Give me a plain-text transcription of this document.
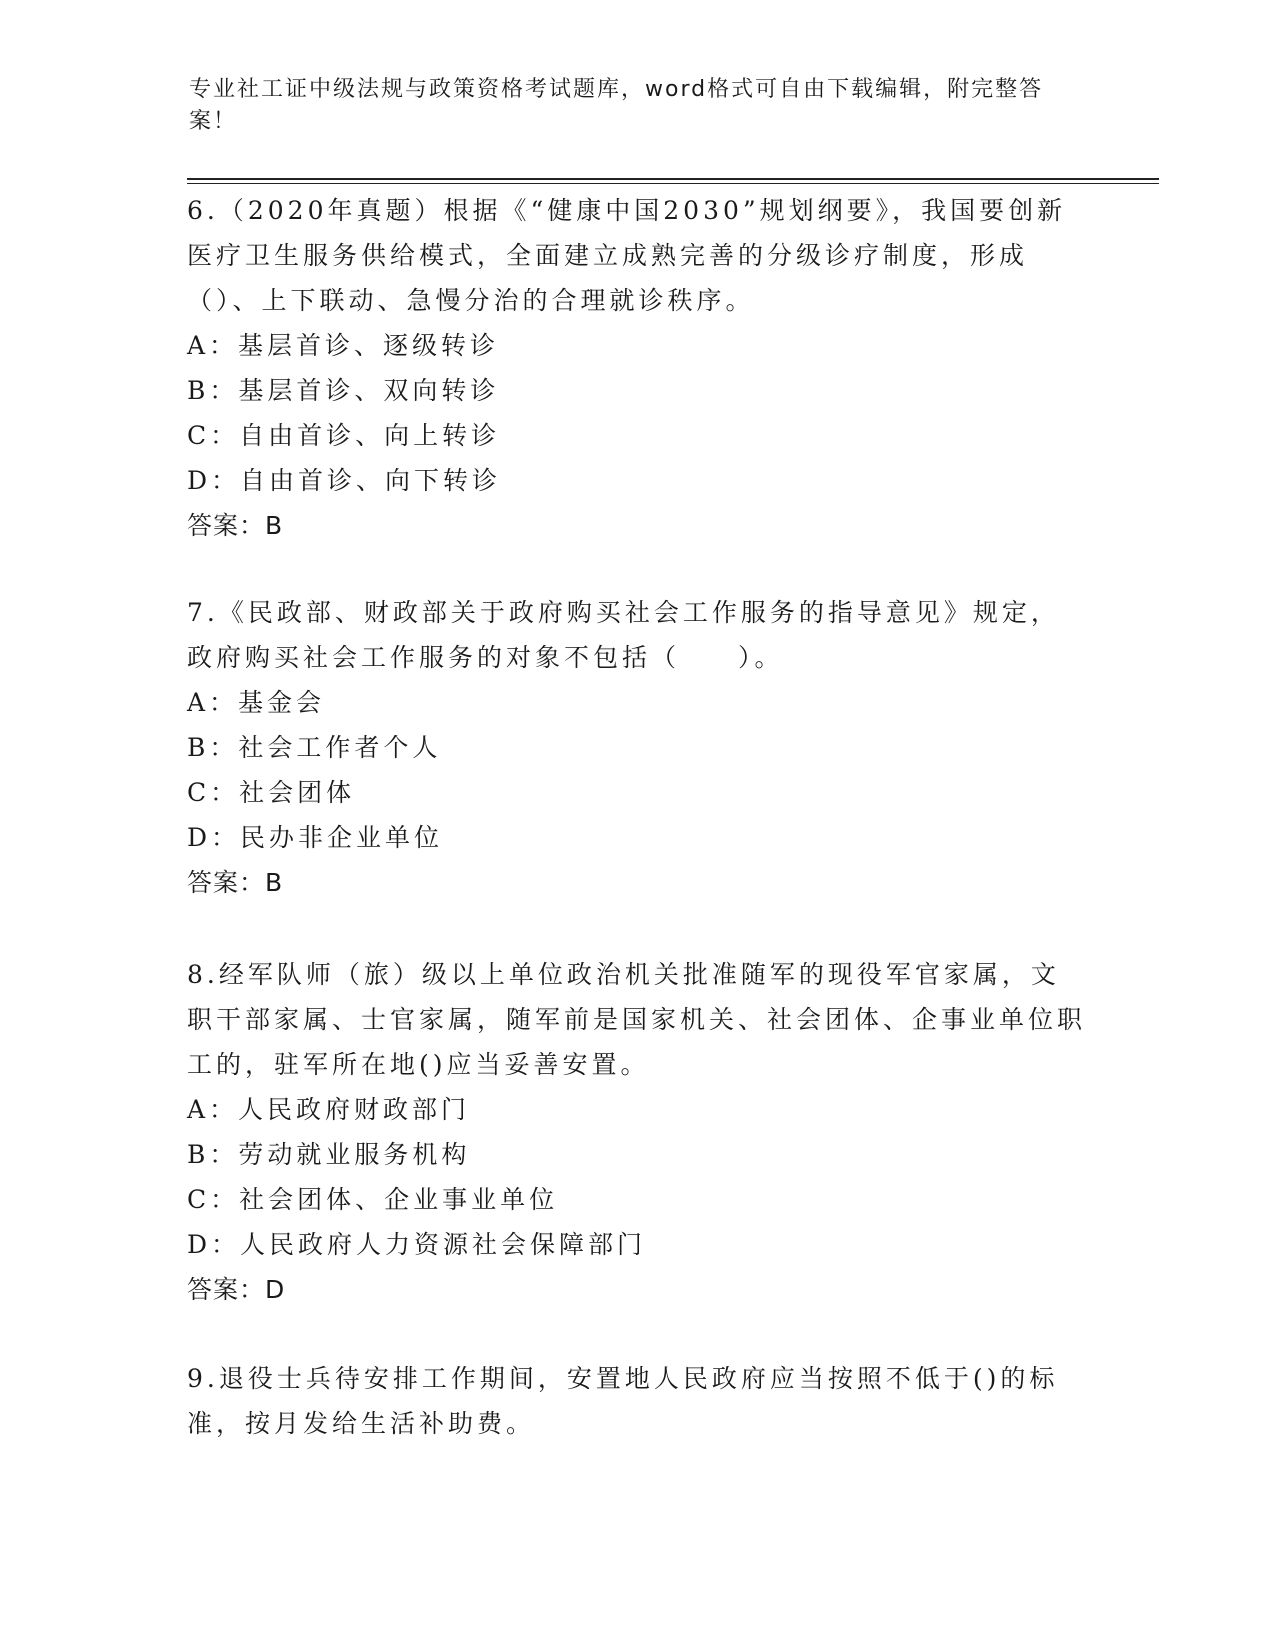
专业社工证中级法规与政策资格考试题库，word格式可自由下载编辑，附完整答案！

6.（2020年真题）根据《“健康中国2030”规划纲要》，我国要创新医疗卫生服务供给模式，全面建立成熟完善的分级诊疗制度，形成（）、上下联动、急慢分治的合理就诊秩序。

A：基层首诊、逐级转诊

B：基层首诊、双向转诊

C：自由首诊、向上转诊

D：自由首诊、向下转诊

答案：B

7.《民政部、财政部关于政府购买社会工作服务的指导意见》规定，政府购买社会工作服务的对象不包括（　　）。

A：基金会

B：社会工作者个人

C：社会团体

D：民办非企业单位

答案：B

8.经军队师（旅）级以上单位政治机关批准随军的现役军官家属，文职干部家属、士官家属，随军前是国家机关、社会团体、企事业单位职工的，驻军所在地()应当妥善安置。

A：人民政府财政部门

B：劳动就业服务机构

C：社会团体、企业事业单位

D：人民政府人力资源社会保障部门

答案：D

9.退役士兵待安排工作期间，安置地人民政府应当按照不低于()的标准，按月发给生活补助费。
